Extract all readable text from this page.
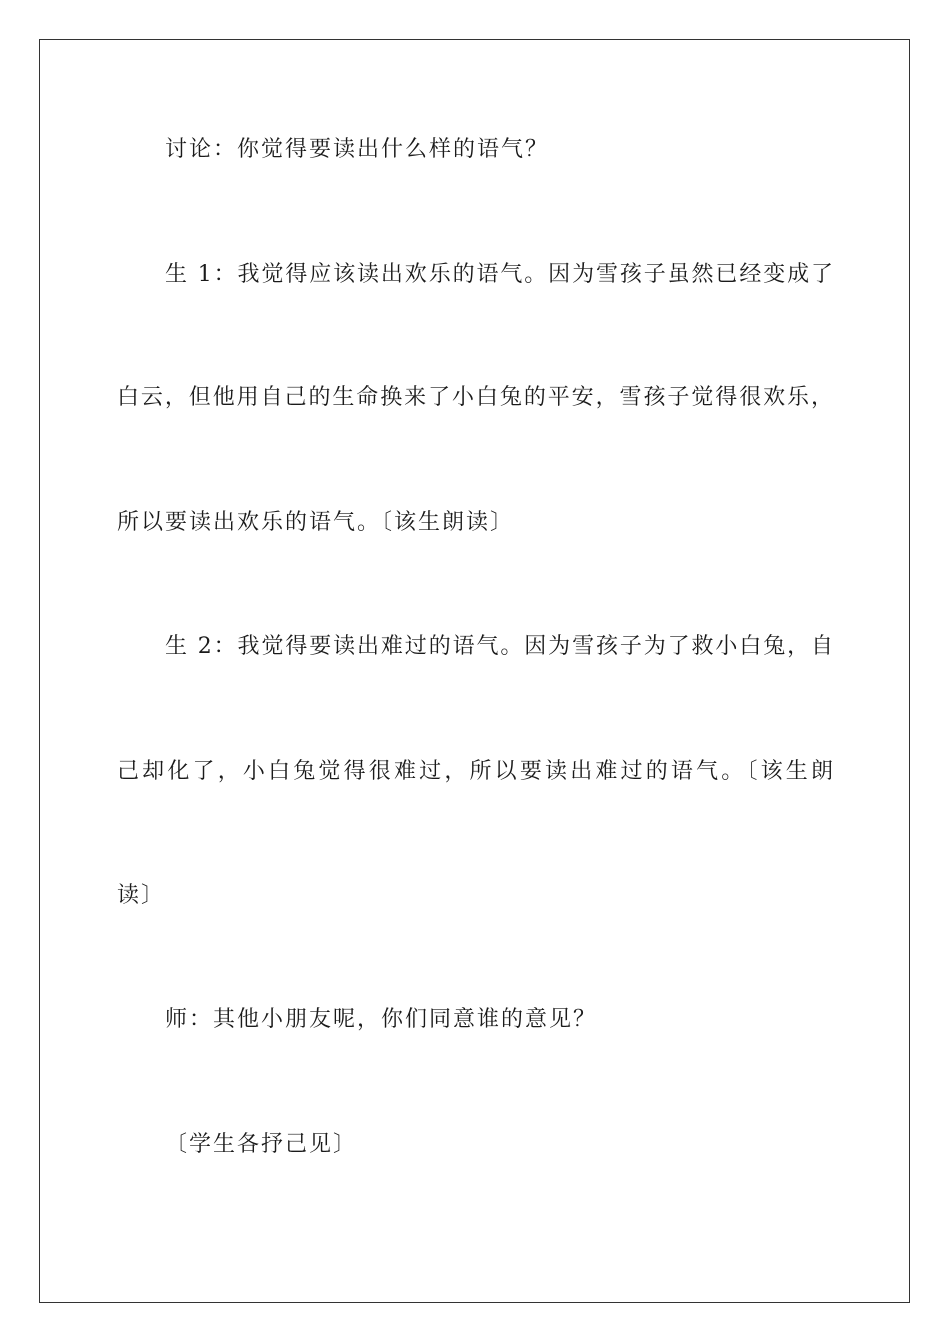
讨论：你觉得要读出什么样的语气？
生 1：我觉得应该读出欢乐的语气。因为雪孩子虽然已经变成了
白云，但他用自己的生命换来了小白兔的平安，雪孩子觉得很欢乐，
所以要读出欢乐的语气。〔该生朗读〕
生 2：我觉得要读出难过的语气。因为雪孩子为了救小白兔，自
己却化了，小白兔觉得很难过，所以要读出难过的语气。〔该生朗
读〕
师：其他小朋友呢，你们同意谁的意见？
〔学生各抒己见〕
